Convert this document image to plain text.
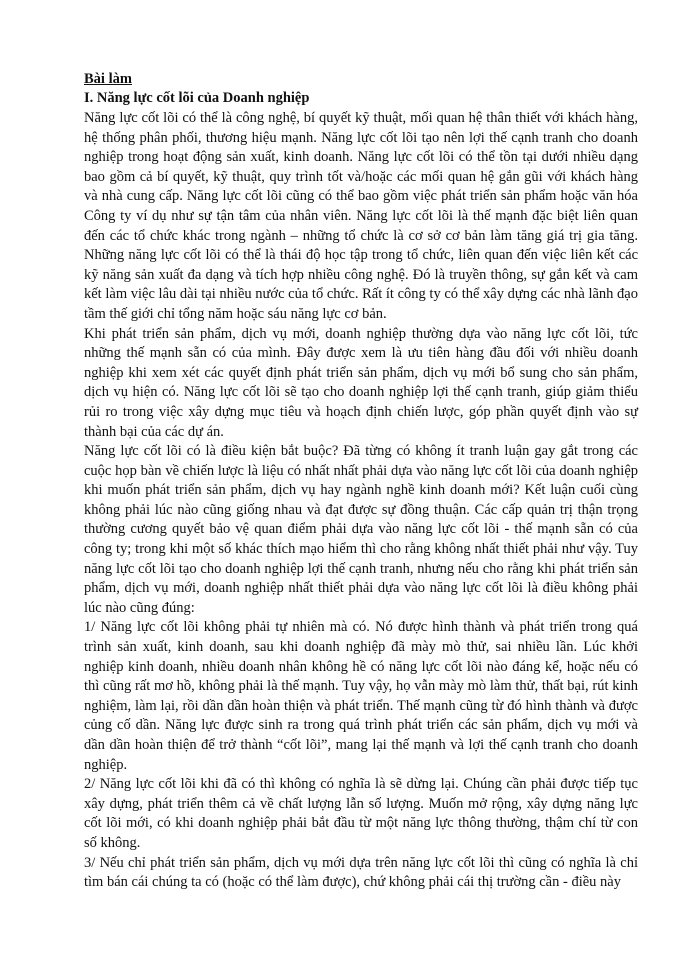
Bài làm

I. Năng lực cốt lõi của Doanh nghiệp

Năng lực cốt lõi có thể là công nghệ, bí quyết kỹ thuật, mối quan hệ thân thiết với khách hàng, hệ thống phân phối, thương hiệu mạnh. Năng lực cốt lõi tạo nên lợi thế cạnh tranh cho doanh nghiệp trong hoạt động sản xuất, kinh doanh. Năng lực cốt lõi có thể tồn tại dưới nhiều dạng bao gồm cả bí quyết, kỹ thuật, quy trình tốt và/hoặc các mối quan hệ gắn gũi với khách hàng và nhà cung cấp. Năng lực cốt lõi cũng có thể bao gồm việc phát triển sản phẩm hoặc văn hóa Công ty ví dụ như sự tận tâm của nhân viên. Năng lực cốt lõi là thế mạnh đặc biệt liên quan đến các tổ chức khác trong ngành – những tổ chức là cơ sở cơ bản làm tăng giá trị gia tăng. Những năng lực cốt lõi có thể là thái độ học tập trong tổ chức, liên quan đến việc liên kết các kỹ năng sản xuất đa dạng và tích hợp nhiều công nghệ. Đó là truyền thông, sự gắn kết và cam kết làm việc lâu dài tại nhiều nước của tổ chức. Rất ít công ty có thể xây dựng các nhà lãnh đạo tầm thế giới chỉ tổng năm hoặc sáu năng lực cơ bản.

Khi phát triển sản phẩm, dịch vụ mới, doanh nghiệp thường dựa vào năng lực cốt lõi, tức những thế mạnh sẵn có của mình. Đây được xem là ưu tiên hàng đầu đối với nhiều doanh nghiệp khi xem xét các quyết định phát triển sản phẩm, dịch vụ mới bổ sung cho sản phẩm, dịch vụ hiện có. Năng lực cốt lõi sẽ tạo cho doanh nghiệp lợi thế cạnh tranh, giúp giảm thiểu rủi ro trong việc xây dựng mục tiêu và hoạch định chiến lược, góp phần quyết định vào sự thành bại của các dự án.

Năng lực cốt lõi có là điều kiện bắt buộc? Đã từng có không ít tranh luận gay gắt trong các cuộc họp bàn về chiến lược là liệu có nhất nhất phải dựa vào năng lực cốt lõi của doanh nghiệp khi muốn phát triển sản phẩm, dịch vụ hay ngành nghề kinh doanh mới? Kết luận cuối cùng không phải lúc nào cũng giống nhau và đạt được sự đồng thuận. Các cấp quản trị thận trọng thường cương quyết bảo vệ quan điểm phải dựa vào năng lực cốt lõi - thế mạnh sẵn có của công ty; trong khi một số khác thích mạo hiểm thì cho rằng không nhất thiết phải như vậy. Tuy năng lực cốt lõi tạo cho doanh nghiệp lợi thế cạnh tranh, nhưng nếu cho rằng khi phát triển sản phẩm, dịch vụ mới, doanh nghiệp nhất thiết phải dựa vào năng lực cốt lõi là điều không phải lúc nào cũng đúng:

1/ Năng lực cốt lõi không phải tự nhiên mà có. Nó được hình thành và phát triển trong quá trình sản xuất, kinh doanh, sau khi doanh nghiệp đã mày mò thử, sai nhiều lần. Lúc khởi nghiệp kinh doanh, nhiều doanh nhân không hề có năng lực cốt lõi nào đáng kể, hoặc nếu có thì cũng rất mơ hồ, không phải là thế mạnh. Tuy vậy, họ vẫn mày mò làm thử, thất bại, rút kinh nghiệm, làm lại, rồi dần dần hoàn thiện và phát triển. Thế mạnh cũng từ đó hình thành và được củng cố dần. Năng lực được sinh ra trong quá trình phát triển các sản phẩm, dịch vụ mới và dần dần hoàn thiện để trở thành “cốt lõi”, mang lại thế mạnh và lợi thế cạnh tranh cho doanh nghiệp.

2/ Năng lực cốt lõi khi đã có thì không có nghĩa là sẽ dừng lại. Chúng cần phải được tiếp tục xây dựng, phát triển thêm cả về chất lượng lẫn số lượng. Muốn mở rộng, xây dựng năng lực cốt lõi mới, có khi doanh nghiệp phải bắt đầu từ một năng lực thông thường, thậm chí từ con số không.

3/ Nếu chỉ phát triển sản phẩm, dịch vụ mới dựa trên năng lực cốt lõi thì cũng có nghĩa là chỉ tìm bán cái chúng ta có (hoặc có thể làm được), chứ không phải cái thị trường cần - điều này
